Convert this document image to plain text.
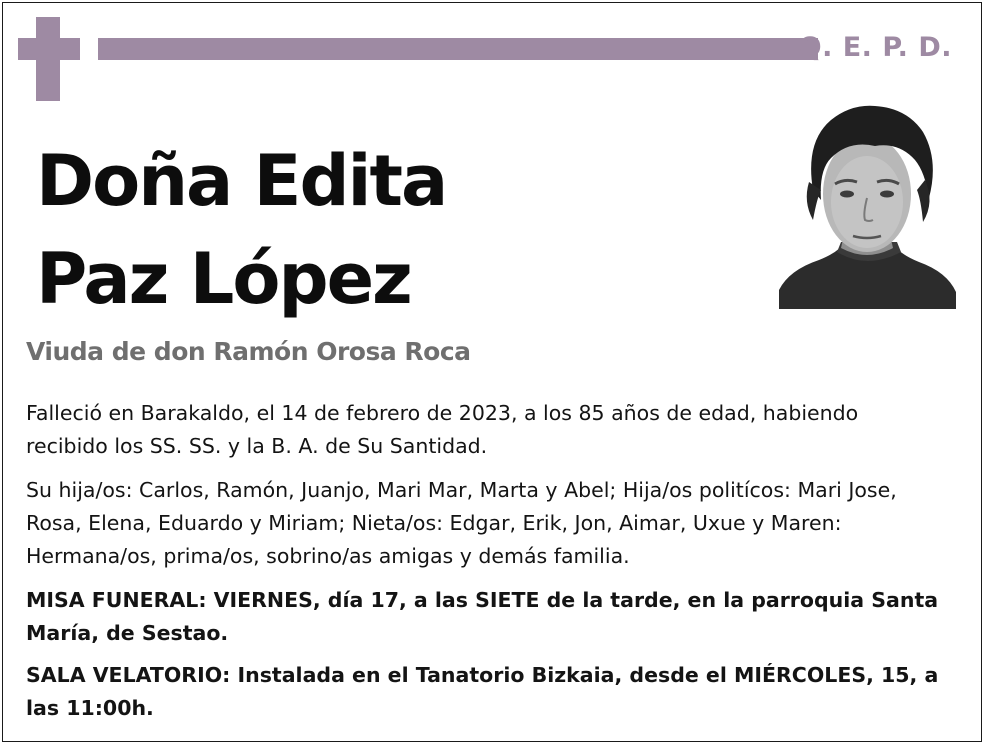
Q. E. P. D.
Doña Edita
Paz López
Viuda de don Ramón Orosa Roca
Falleció en Barakaldo, el 14 de febrero de 2023, a los 85 años de edad, habiendo
recibido los SS. SS. y la B. A. de Su Santidad.
Su hija/os: Carlos, Ramón, Juanjo, Mari Mar, Marta y Abel; Hija/os politícos: Mari Jose,
Rosa, Elena, Eduardo y Miriam; Nieta/os: Edgar, Erik, Jon, Aimar, Uxue y Maren:
Hermana/os, prima/os, sobrino/as amigas y demás familia.
MISA FUNERAL: VIERNES, día 17, a las SIETE de la tarde, en la parroquia Santa
María, de Sestao.
SALA VELATORIO: Instalada en el Tanatorio Bizkaia, desde el MIÉRCOLES, 15, a
las 11:00h.
